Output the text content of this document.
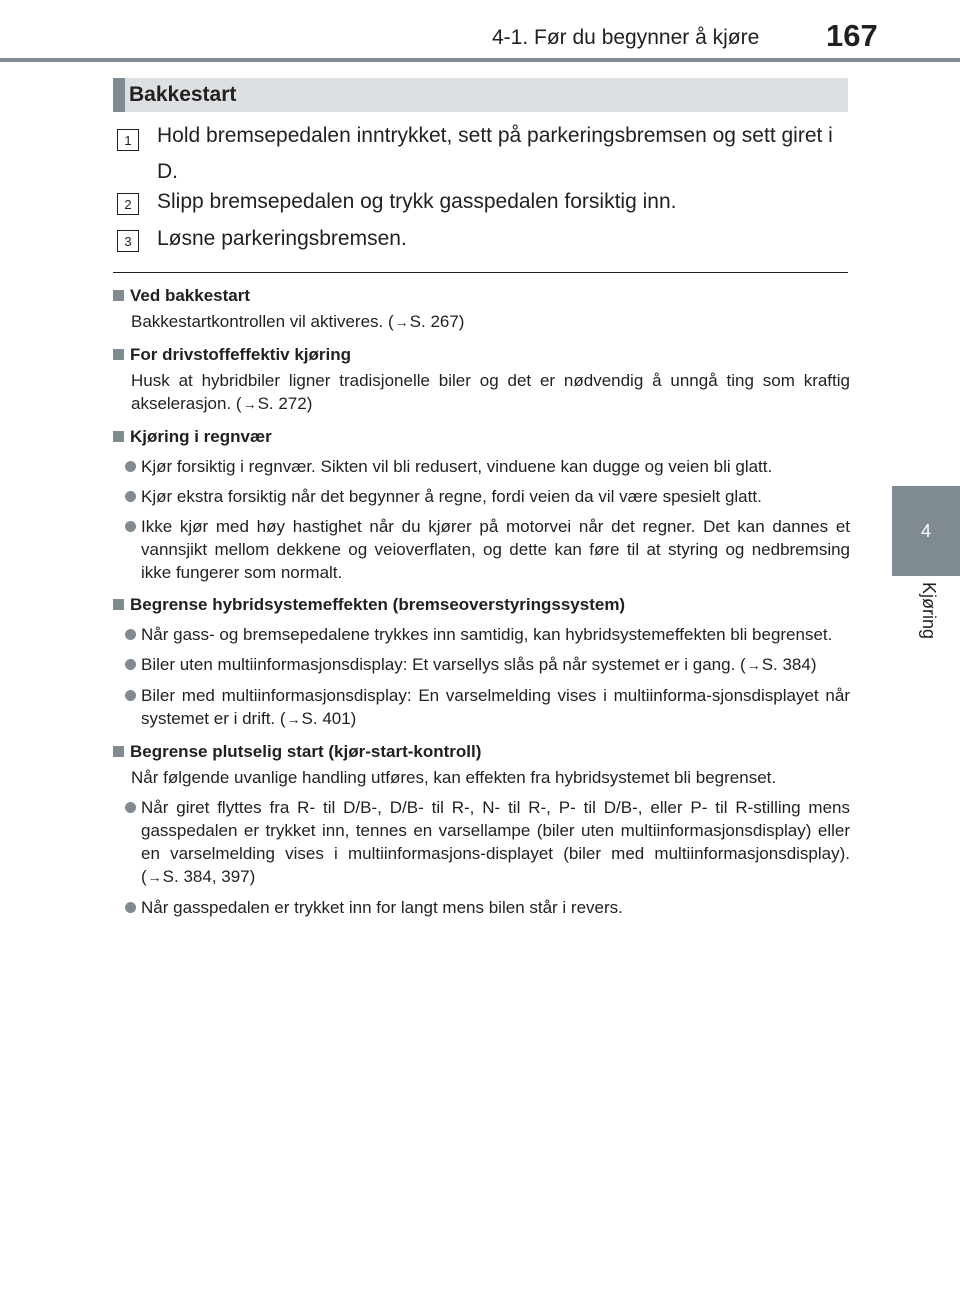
4-1. Før du begynner å kjøre 167
4
Kjøring
Bakkestart
1	Hold bremsepedalen inntrykket, sett på parkeringsbremsen og sett giret i D.
2	Slipp bremsepedalen og trykk gasspedalen forsiktig inn.
3	Løsne parkeringsbremsen.
Ved bakkestart
Bakkestartkontrollen vil aktiveres. (→S. 267)
For drivstoffeffektiv kjøring
Husk at hybridbiler ligner tradisjonelle biler og det er nødvendig å unngå ting som kraftig akselerasjon. (→S. 272)
Kjøring i regnvær
Kjør forsiktig i regnvær. Sikten vil bli redusert, vinduene kan dugge og veien bli glatt.
Kjør ekstra forsiktig når det begynner å regne, fordi veien da vil være spesielt glatt.
Ikke kjør med høy hastighet når du kjører på motorvei når det regner. Det kan dannes et vannsjikt mellom dekkene og veioverflaten, og dette kan føre til at styring og nedbremsing ikke fungerer som normalt.
Begrense hybridsystemeffekten (bremseoverstyringssystem)
Når gass- og bremsepedalene trykkes inn samtidig, kan hybridsystemeffekten bli begrenset.
Biler uten multiinformasjonsdisplay: Et varsellys slås på når systemet er i gang. (→S. 384)
Biler med multiinformasjonsdisplay: En varselmelding vises i multiinforma-sjonsdisplayet når systemet er i drift. (→S. 401)
Begrense plutselig start (kjør-start-kontroll)
Når følgende uvanlige handling utføres, kan effekten fra hybridsystemet bli begrenset.
Når giret flyttes fra R- til D/B-, D/B- til R-, N- til R-, P- til D/B-, eller P- til R-stilling mens gasspedalen er trykket inn, tennes en varsellampe (biler uten multiinformasjonsdisplay) eller en varselmelding vises i multiinformasjons-displayet (biler med multiinformasjonsdisplay). (→S. 384, 397)
Når gasspedalen er trykket inn for langt mens bilen står i revers.
